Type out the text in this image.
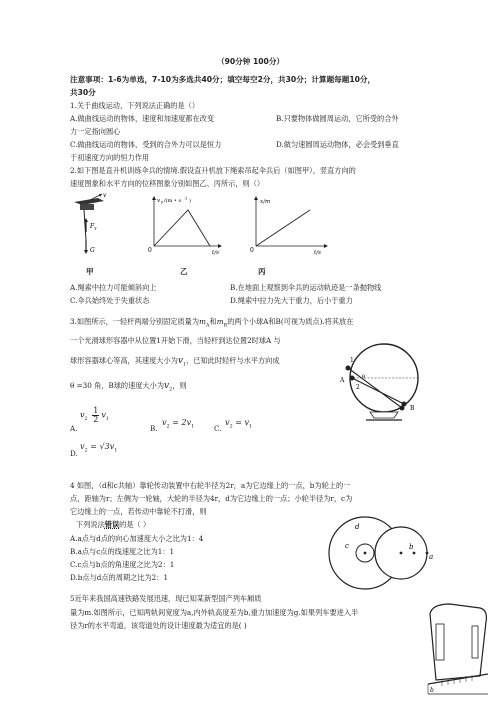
（90分钟 100分）
注意事项：1-6为单选，7-10为多选共40分；填空每空2分，共30分；计算题每题10分，
共30分
1.关于曲线运动，下列说法正确的是（）
A.做曲线运动的物体，速度和加速度都在改变	B.只要物体做圆周运动，它所受的合外
力一定指向圆心
C.做曲线运动的物体，受到的合外力可以是恒力	D.做匀速圆周运动物体，必会受到垂直
于初速度方向的恒力作用
2.如下图是直升机训练伞兵的情境.假设直升机放下绳索吊起伞兵后（如图甲），竖直方向的
速度图象和水平方向的位移图象分别如图乙、丙所示，则（）
v
F T
G
v y /(m • s -1 )
0	t/s
x/m
0	t/s
甲	乙	丙
A.绳索中拉力可能倾斜向上	B.在地面上观察到伞兵的运动轨迹是一条抛物线
C.伞兵始终处于失重状态	D.绳索中拉力先大于重力，后小于重力
3.如图所示，一轻杆两端分别固定质量为$m_A$和$m_B$的两个小球A和B(可视为质点).将其放在
一个光滑球形容器中从位置1开始下滑，当轻杆到达位置2时球A 与
球形容器球心等高，其速度大小为$v_1$，已知此时轻杆与水平方向成
θ =30 角，B球的速度大小为$v_2$，则
A.
$v_2 \frac{1}{2} v_1$
B.
$v_2 = 2v_1$	C.
$v_2 = v_1$
D.
$v_2 = √3v_1$
A
1
2
B
θ
4 如图，（d和c共轴）靠轮传动装置中右轮半径为2r，a为它边缘上的一点，b为轮上的一
点，距轴为r；左侧为一轮轴，大轮的半径为4r，d为它边缘上的一点；小轮半径为r，c为
它边缘上的一点，若传动中靠轮不打滑，则
下列说法错误的是（ ）
A.a点与d点的向心加速度大小之比为1：4
B.a点与c点的线速度之比为1：1
C.c点与b点的角速度之比为2：1
D.b点与d点的周期之比为2：1
d
c	b
a
5近年来我国高速铁路发展迅速，现已知某新型国产列车厢质
量为m.如图所示，已知两轨间宽度为a,内外轨高度差为b,重力加速度为g.如果列车要进入半
径为r的水平弯道，该弯道处的设计速度最为适宜的是( )
b
